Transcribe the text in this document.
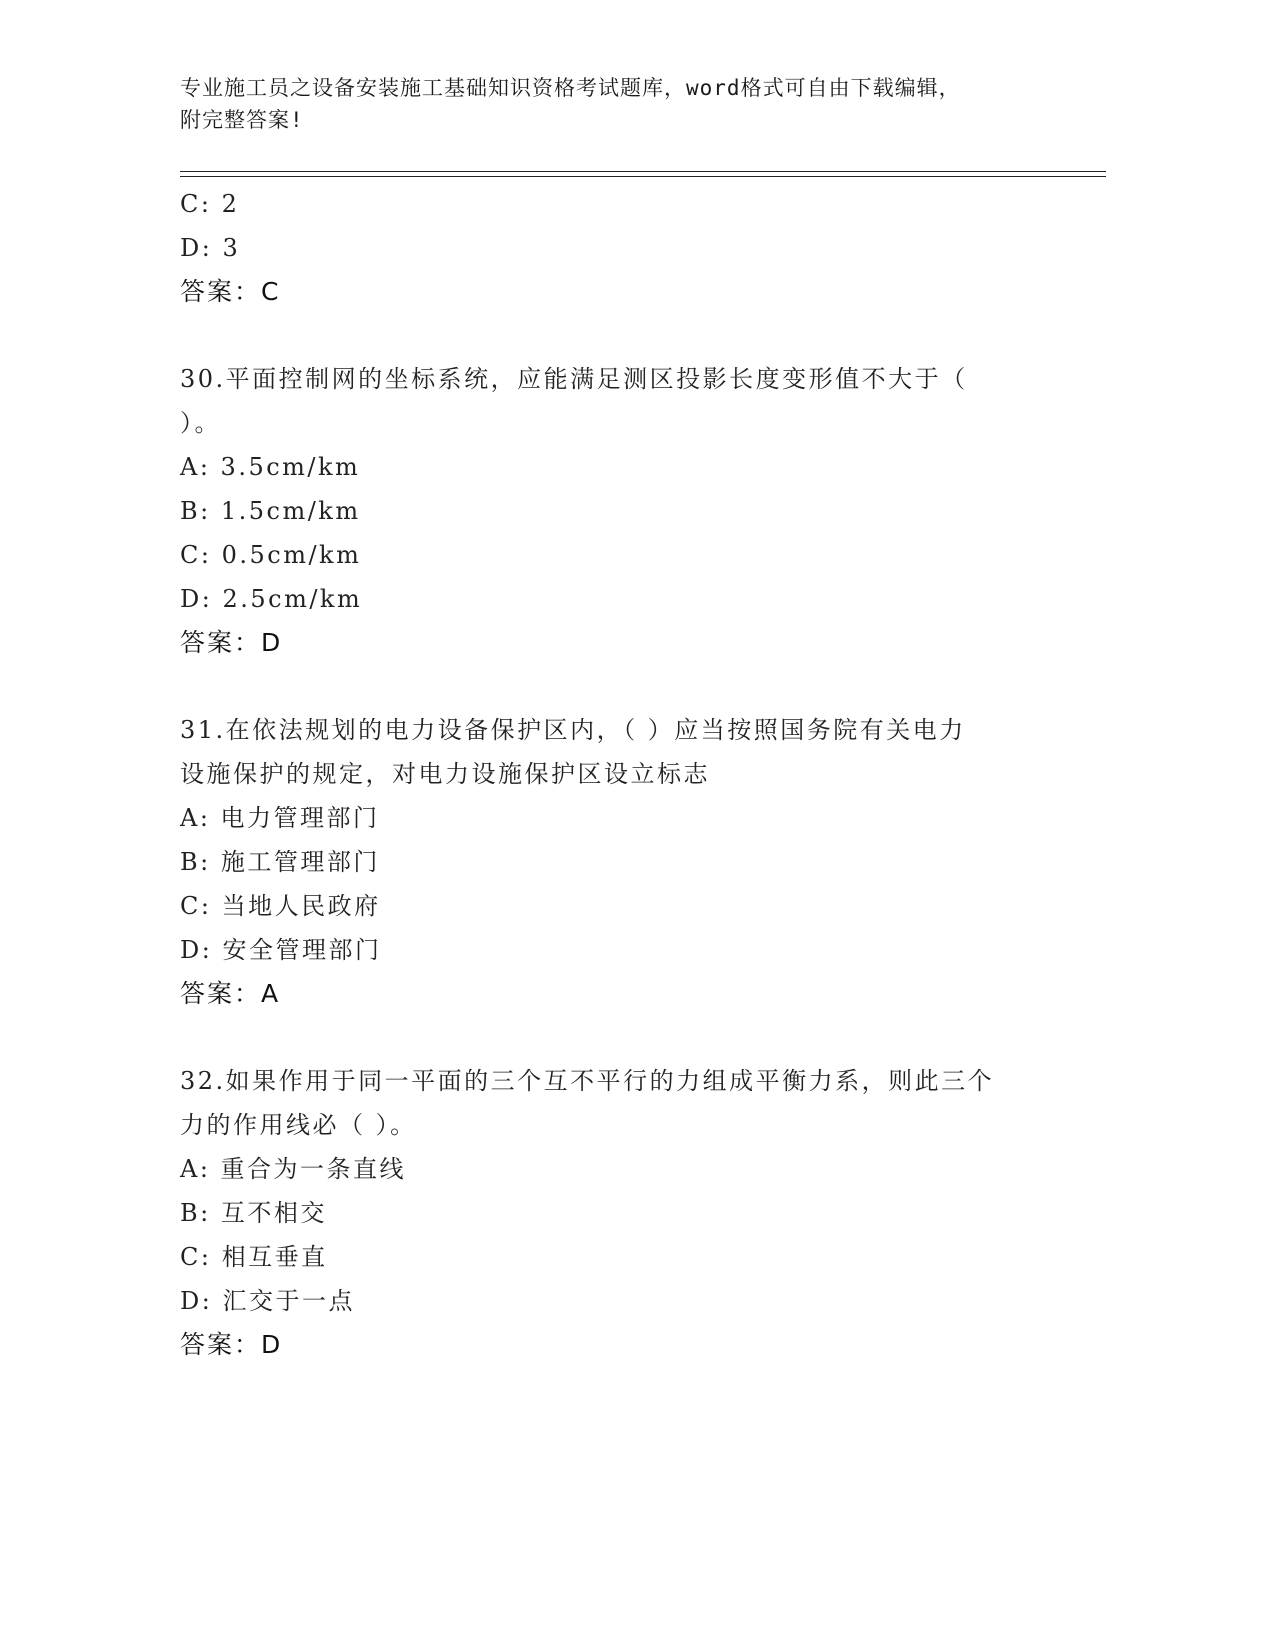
专业施工员之设备安装施工基础知识资格考试题库，word格式可自由下载编辑，
附完整答案!
C: 2
D: 3
答案：C
30.平面控制网的坐标系统，应能满足测区投影长度变形值不大于（
）。
A: 3.5cm/km
B: 1.5cm/km
C: 0.5cm/km
D: 2.5cm/km
答案：D
31.在依法规划的电力设备保护区内，（ ）应当按照国务院有关电力
设施保护的规定，对电力设施保护区设立标志
A: 电力管理部门
B: 施工管理部门
C: 当地人民政府
D: 安全管理部门
答案：A
32.如果作用于同一平面的三个互不平行的力组成平衡力系，则此三个
力的作用线必（ ）。
A: 重合为一条直线
B: 互不相交
C: 相互垂直
D: 汇交于一点
答案：D
